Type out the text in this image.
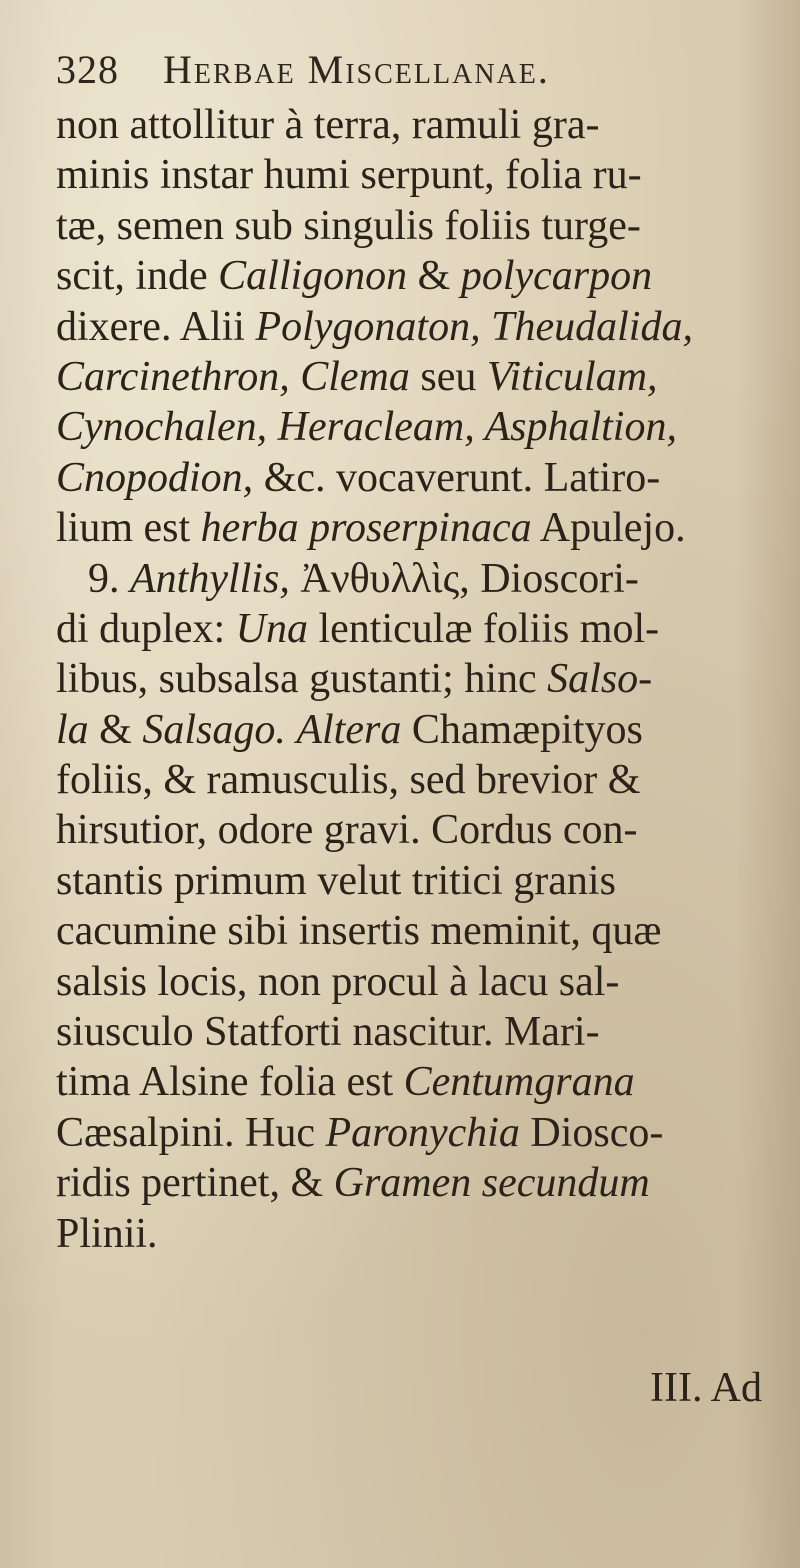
328 Herbae Miscellanae.
non attollitur à terra, ramuli gra-
minis instar humi serpunt, folia ru-
tæ, semen sub singulis foliis turge-
scit, inde Calligonon & polycarpon
dixere. Alii Polygonaton, Theudalida,
Carcinethron, Clema seu Viticulam,
Cynochalen, Heracleam, Asphaltion,
Cnopodion, &c. vocaverunt. Latiro-
lium est herba proserpinaca Apulejo.
9. Anthyllis, Ἀνθυλλὶς, Dioscori-
di duplex: Una lenticulæ foliis mol-
libus, subsalsa gustanti; hinc Salso-
la & Salsago. Altera Chamæpityos
foliis, & ramusculis, sed brevior &
hirsutior, odore gravi. Cordus con-
stantis primum velut tritici granis
cacumine sibi insertis meminit, quæ
salsis locis, non procul à lacu sal-
siusculo Statforti nascitur. Mari-
tima Alsine folia est Centumgrana
Cæsalpini. Huc Paronychia Diosco-
ridis pertinet, & Gramen secundum
Plinii.
III. Ad
